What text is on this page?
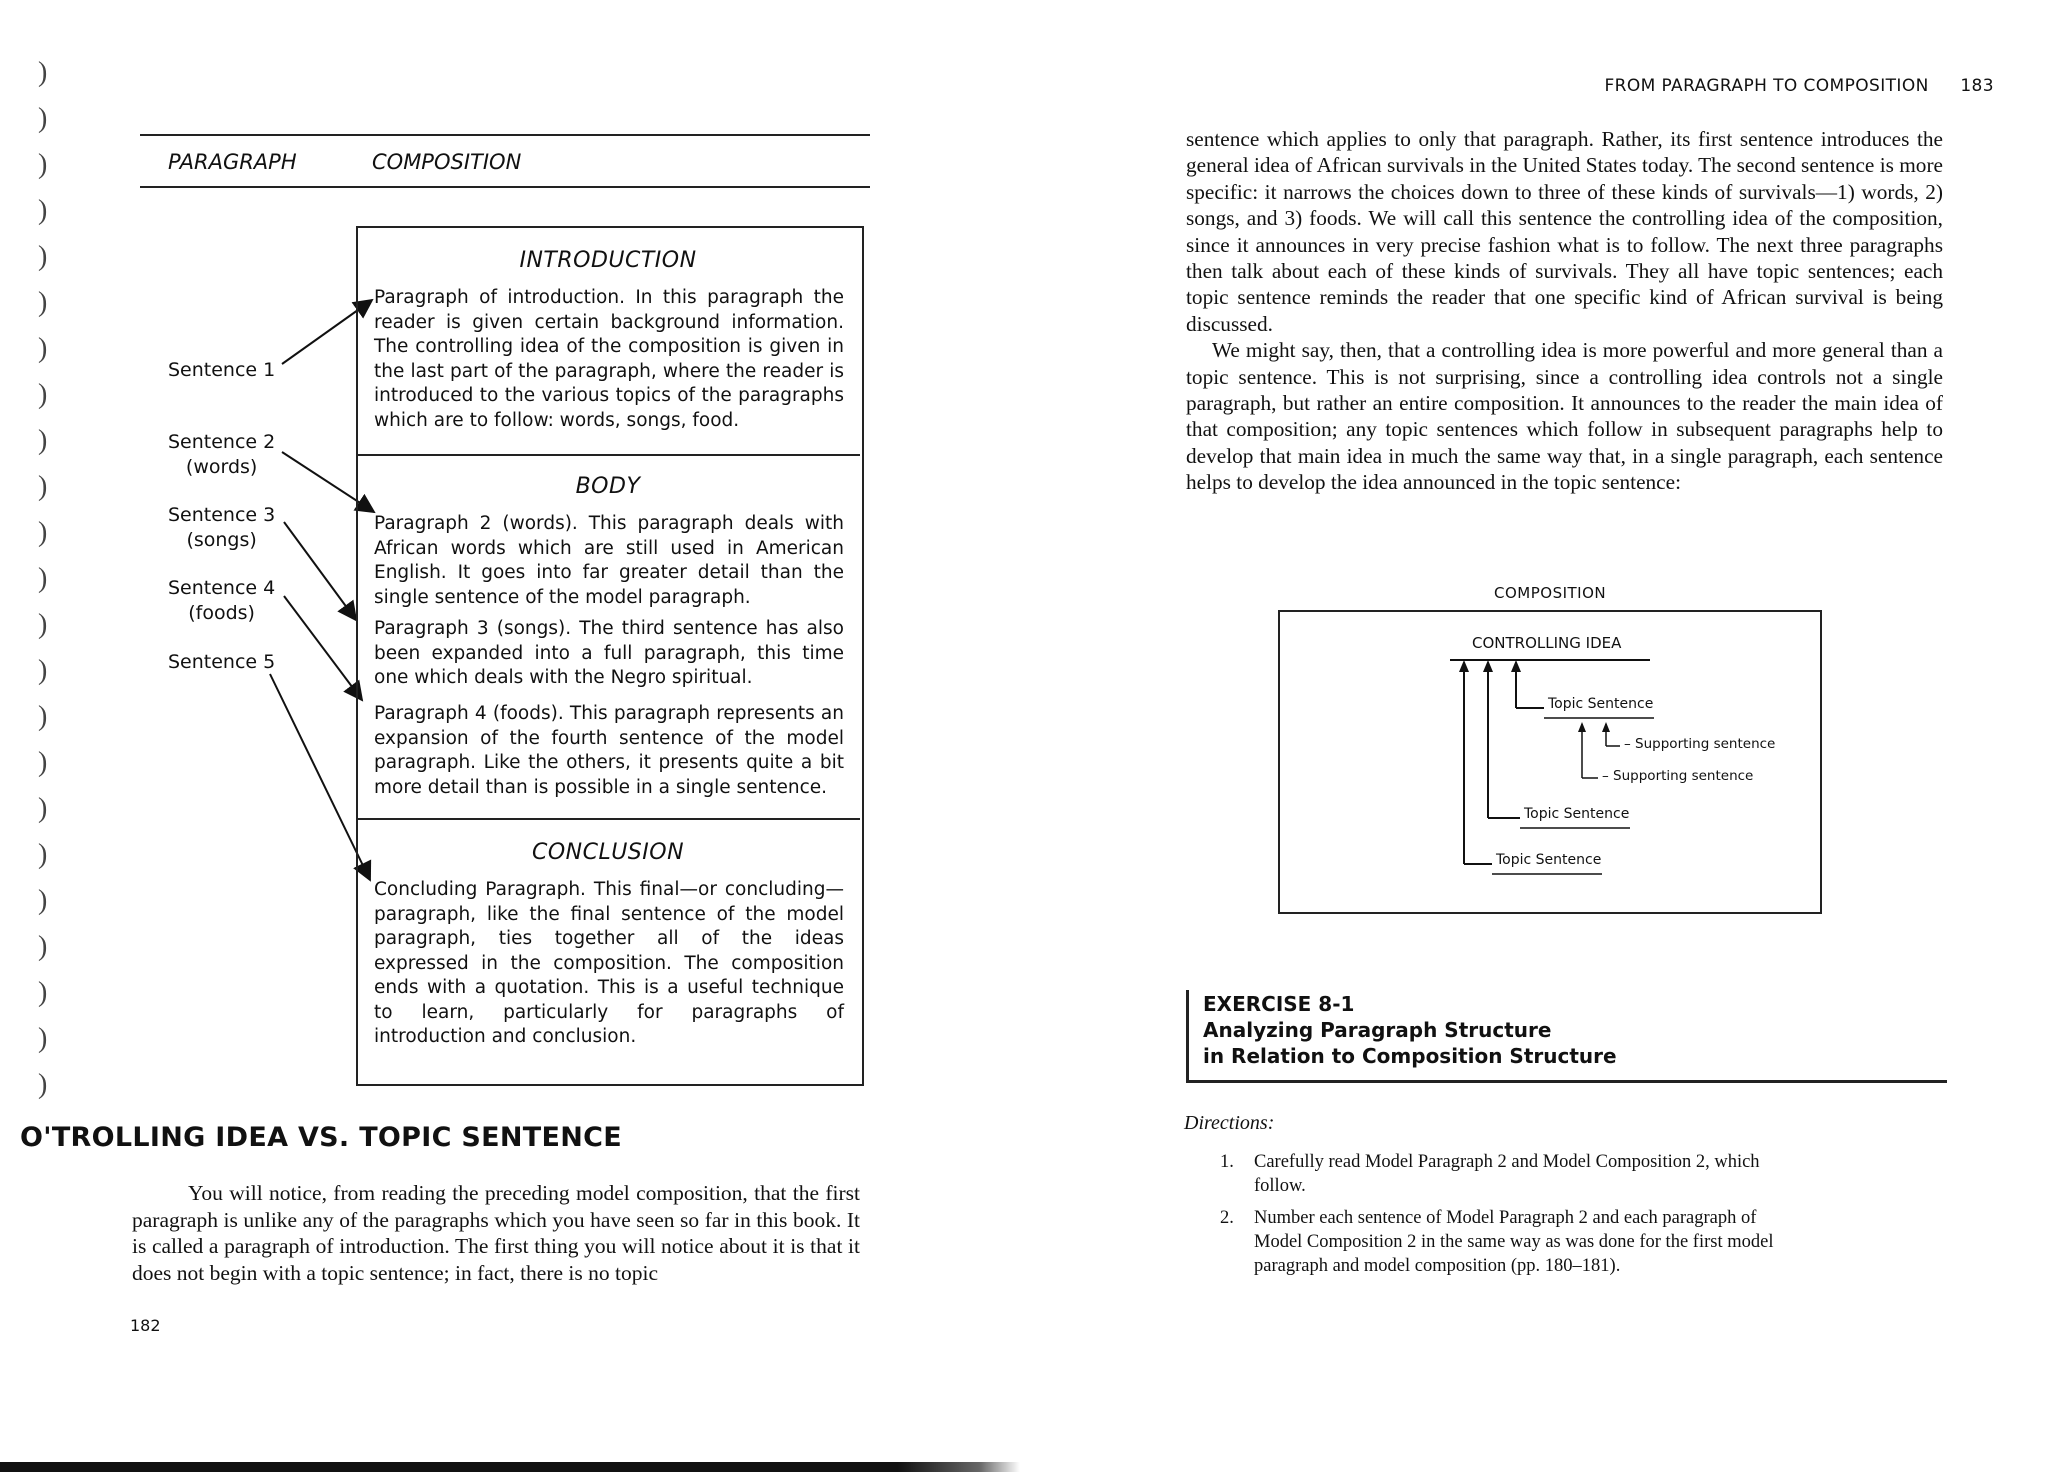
)
)
)
)
)
)
)
)
)
)
)
)
)
)
)
)
)
)
)
)
)
)
)
PARAGRAPH	COMPOSITION
Sentence 1
Sentence 2
(words)
Sentence 3
(songs)
Sentence 4
(foods)
Sentence 5
INTRODUCTION
Paragraph of introduction. In this paragraph the reader is given certain background information. The controlling idea of the composition is given in the last part of the paragraph, where the reader is introduced to the various topics of the paragraphs which are to follow: words, songs, food.
BODY
Paragraph 2 (words). This paragraph deals with African words which are still used in American English. It goes into far greater detail than the single sentence of the model paragraph.
Paragraph 3 (songs). The third sentence has also been expanded into a full paragraph, this time one which deals with the Negro spiritual.
Paragraph 4 (foods). This paragraph represents an expansion of the fourth sentence of the model paragraph. Like the others, it presents quite a bit more detail than is possible in a single sentence.
CONCLUSION
Concluding Paragraph. This final—or concluding—paragraph, like the final sentence of the model paragraph, ties together all of the ideas expressed in the composition. The composition ends with a quotation. This is a useful technique to learn, particularly for paragraphs of introduction and conclusion.
O'TROLLING IDEA VS. TOPIC SENTENCE
You will notice, from reading the preceding model composition, that the first paragraph is unlike any of the paragraphs which you have seen so far in this book. It is called a paragraph of introduction. The first thing you will notice about it is that it does not begin with a topic sentence; in fact, there is no topic
182
FROM PARAGRAPH TO COMPOSITION 183

sentence which applies to only that paragraph. Rather, its first sentence introduces the general idea of African survivals in the United States today. The second sentence is more specific: it narrows the choices down to three of these kinds of survivals—1) words, 2) songs, and 3) foods. We will call this sentence the controlling idea of the composition, since it announces in very precise fashion what is to follow. The next three paragraphs then talk about each of these kinds of survivals. They all have topic sentences; each topic sentence reminds the reader that one specific kind of African survival is being discussed.

We might say, then, that a controlling idea is more powerful and more general than a topic sentence. This is not surprising, since a controlling idea controls not a single paragraph, but rather an entire composition. It announces to the reader the main idea of that composition; any topic sentences which follow in subsequent paragraphs help to develop that main idea in much the same way that, in a single paragraph, each sentence helps to develop the idea announced in the topic sentence:

COMPOSITION
CONTROLLING IDEA
Topic Sentence
– Supporting sentence
– Supporting sentence
Topic Sentence
Topic Sentence
EXERCISE 8-1
Analyzing Paragraph Structure
in Relation to Composition Structure
Directions:
1. Carefully read Model Paragraph 2 and Model Composition 2, which follow.
2. Number each sentence of Model Paragraph 2 and each paragraph of Model Composition 2 in the same way as was done for the first model paragraph and model composition (pp. 180–181).
